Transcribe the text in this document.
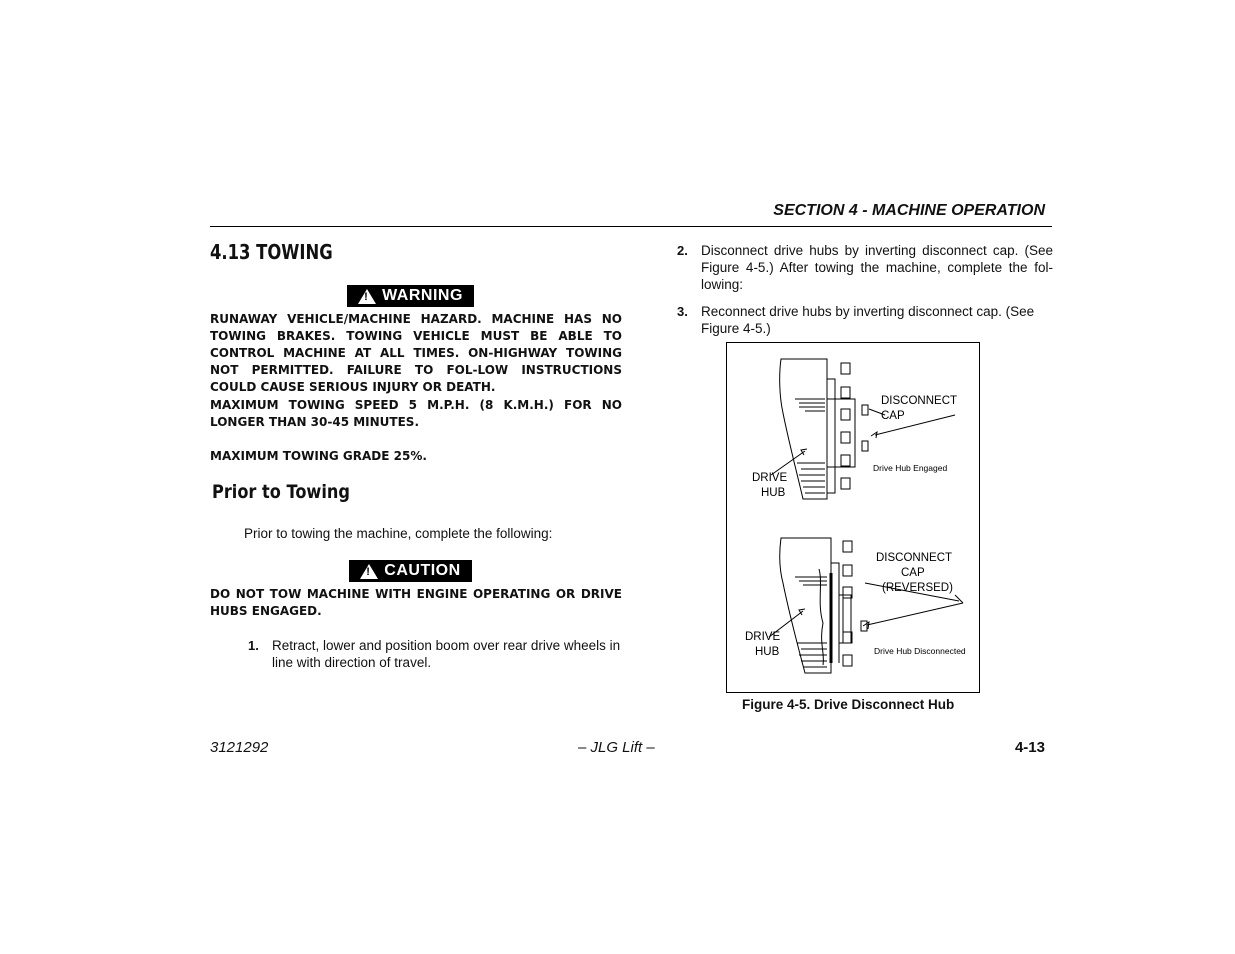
SECTION 4 - MACHINE OPERATION
4.13 TOWING
! WARNING
RUNAWAY VEHICLE/MACHINE HAZARD. MACHINE HAS NO TOWING BRAKES. TOWING VEHICLE MUST BE ABLE TO CONTROL MACHINE AT ALL TIMES. ON-HIGHWAY TOWING NOT PERMITTED. FAILURE TO FOL-LOW INSTRUCTIONS COULD CAUSE SERIOUS INJURY OR DEATH.
MAXIMUM TOWING SPEED 5 M.P.H. (8 K.M.H.) FOR NO LONGER THAN 30-45 MINUTES.
MAXIMUM TOWING GRADE 25%.
Prior to Towing
Prior to towing the machine, complete the following:
! CAUTION
DO NOT TOW MACHINE WITH ENGINE OPERATING OR DRIVE HUBS ENGAGED.
1. Retract, lower and position boom over rear drive wheels in line with direction of travel.
2. Disconnect drive hubs by inverting disconnect cap. (See Figure 4-5.) After towing the machine, complete the fol-lowing:
3. Reconnect drive hubs by inverting disconnect cap. (See Figure 4-5.)
DISCONNECT
CAP
Drive Hub Engaged
DRIVE
HUB
DISCONNECT
CAP
(REVERSED)
Drive Hub Disconnected
DRIVE
HUB
Figure 4-5. Drive Disconnect Hub
3121292	– JLG Lift –	4-13
